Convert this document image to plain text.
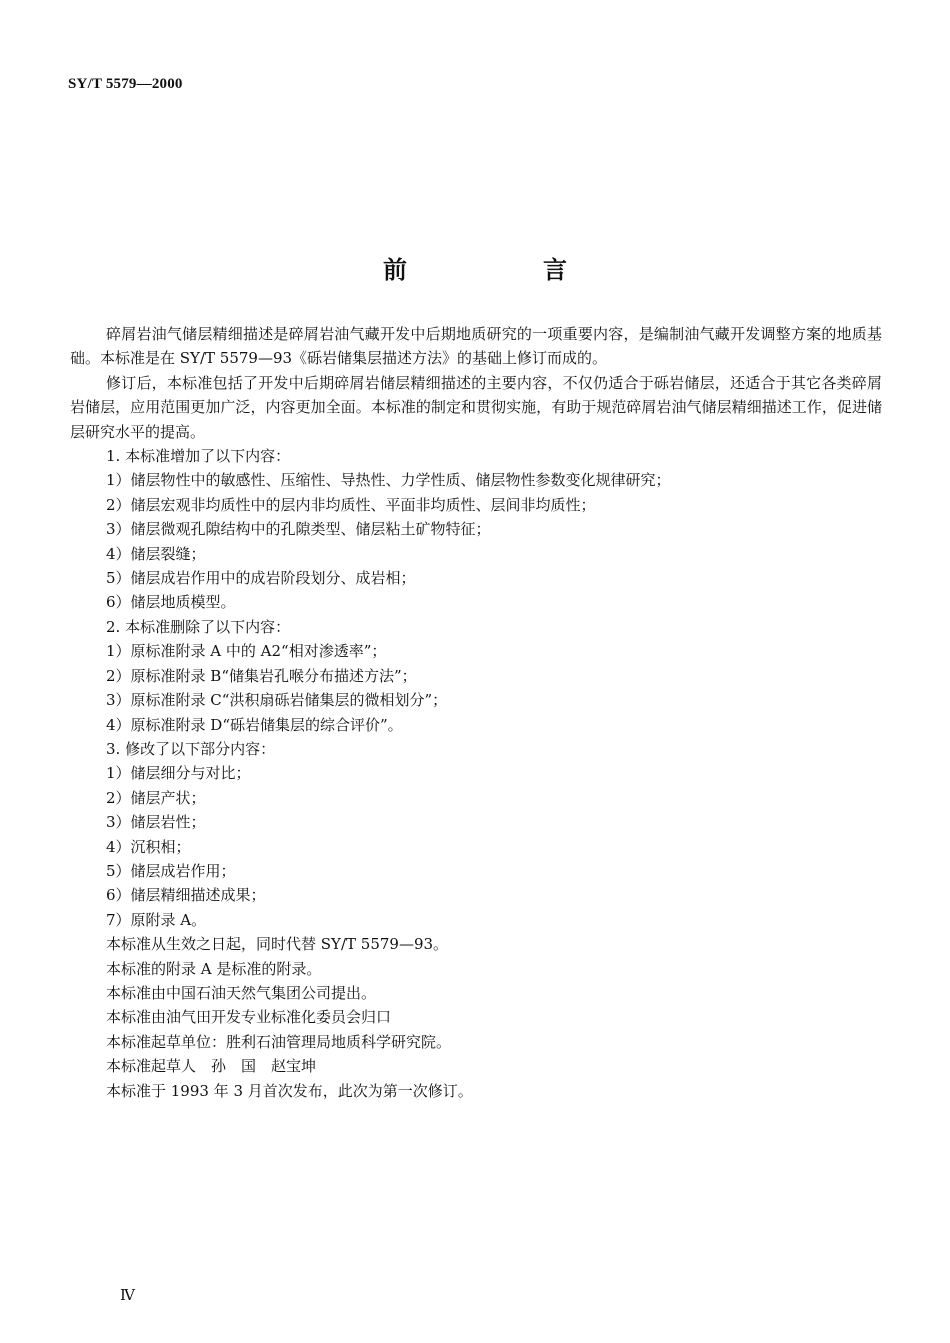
SY/T 5579—2000
前　言

碎屑岩油气储层精细描述是碎屑岩油气藏开发中后期地质研究的一项重要内容，是编制油气藏开发调整方案的地质基础。本标准是在 SY/T 5579—93《砾岩储集层描述方法》的基础上修订而成的。

修订后，本标准包括了开发中后期碎屑岩储层精细描述的主要内容，不仅仍适合于砾岩储层，还适合于其它各类碎屑岩储层，应用范围更加广泛，内容更加全面。本标准的制定和贯彻实施，有助于规范碎屑岩油气储层精细描述工作，促进储层研究水平的提高。

1. 本标准增加了以下内容：
1）储层物性中的敏感性、压缩性、导热性、力学性质、储层物性参数变化规律研究；
2）储层宏观非均质性中的层内非均质性、平面非均质性、层间非均质性；
3）储层微观孔隙结构中的孔隙类型、储层粘土矿物特征；
4）储层裂缝；
5）储层成岩作用中的成岩阶段划分、成岩相；
6）储层地质模型。
2. 本标准删除了以下内容：
1）原标准附录 A 中的 A2“相对渗透率”；
2）原标准附录 B“储集岩孔喉分布描述方法”；
3）原标准附录 C“洪积扇砾岩储集层的微相划分”；
4）原标准附录 D“砾岩储集层的综合评价”。
3. 修改了以下部分内容：
1）储层细分与对比；
2）储层产状；
3）储层岩性；
4）沉积相；
5）储层成岩作用；
6）储层精细描述成果；
7）原附录 A。
本标准从生效之日起，同时代替 SY/T 5579—93。
本标准的附录 A 是标准的附录。
本标准由中国石油天然气集团公司提出。
本标准由油气田开发专业标准化委员会归口
本标准起草单位：胜利石油管理局地质科学研究院。
本标准起草人　孙　国　赵宝坤
本标准于 1993 年 3 月首次发布，此次为第一次修订。
Ⅳ
